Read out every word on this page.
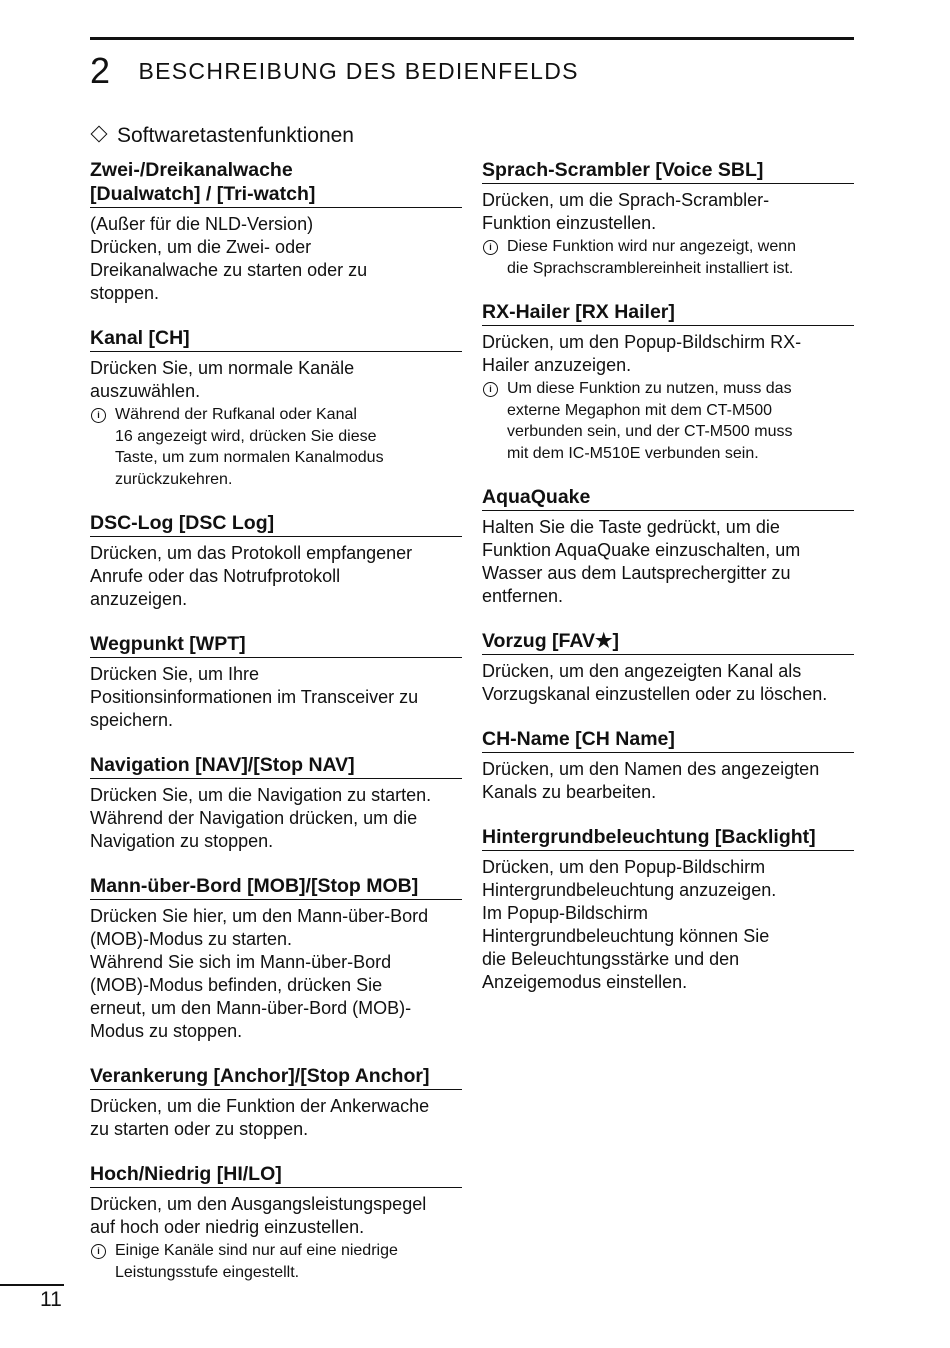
2 BESCHREIBUNG DES BEDIENFELDS
Softwaretastenfunktionen
Zwei-/Dreikanalwache
[Dualwatch] / [Tri-watch]

(Außer für die NLD-Version)
Drücken, um die Zwei- oder
Dreikanalwache zu starten oder zu
stoppen.

Kanal [CH]

Drücken Sie, um normale Kanäle
auszuwählen.

i Während der Rufkanal oder Kanal
16 angezeigt wird, drücken Sie diese
Taste, um zum normalen Kanalmodus
zurückzukehren.
DSC-Log [DSC Log]

Drücken, um das Protokoll empfangener
Anrufe oder das Notrufprotokoll
anzuzeigen.

Wegpunkt [WPT]

Drücken Sie, um Ihre
Positionsinformationen im Transceiver zu
speichern.

Navigation [NAV]/[Stop NAV]

Drücken Sie, um die Navigation zu starten.
Während der Navigation drücken, um die
Navigation zu stoppen.

Mann-über-Bord [MOB]/[Stop MOB]

Drücken Sie hier, um den Mann-über-Bord
(MOB)-Modus zu starten.
Während Sie sich im Mann-über-Bord
(MOB)-Modus befinden, drücken Sie
erneut, um den Mann-über-Bord (MOB)-
Modus zu stoppen.

Verankerung [Anchor]/[Stop Anchor]

Drücken, um die Funktion der Ankerwache
zu starten oder zu stoppen.

Hoch/Niedrig [HI/LO]

Drücken, um den Ausgangsleistungspegel
auf hoch oder niedrig einzustellen.

i Einige Kanäle sind nur auf eine niedrige
Leistungsstufe eingestellt.
Sprach-Scrambler [Voice SBL]

Drücken, um die Sprach-Scrambler-
Funktion einzustellen.

i Diese Funktion wird nur angezeigt, wenn
die Sprachscramblereinheit installiert ist.
RX-Hailer [RX Hailer]

Drücken, um den Popup-Bildschirm RX-
Hailer anzuzeigen.

i Um diese Funktion zu nutzen, muss das
externe Megaphon mit dem CT-M500
verbunden sein, und der CT-M500 muss
mit dem IC-M510E verbunden sein.
AquaQuake

Halten Sie die Taste gedrückt, um die
Funktion AquaQuake einzuschalten, um
Wasser aus dem Lautsprechergitter zu
entfernen.

Vorzug [FAV★]

Drücken, um den angezeigten Kanal als
Vorzugskanal einzustellen oder zu löschen.

CH-Name [CH Name]

Drücken, um den Namen des angezeigten
Kanals zu bearbeiten.

Hintergrundbeleuchtung [Backlight]

Drücken, um den Popup-Bildschirm
Hintergrundbeleuchtung anzuzeigen.
Im Popup-Bildschirm
Hintergrundbeleuchtung können Sie
die Beleuchtungsstärke und den
Anzeigemodus einstellen.

11
